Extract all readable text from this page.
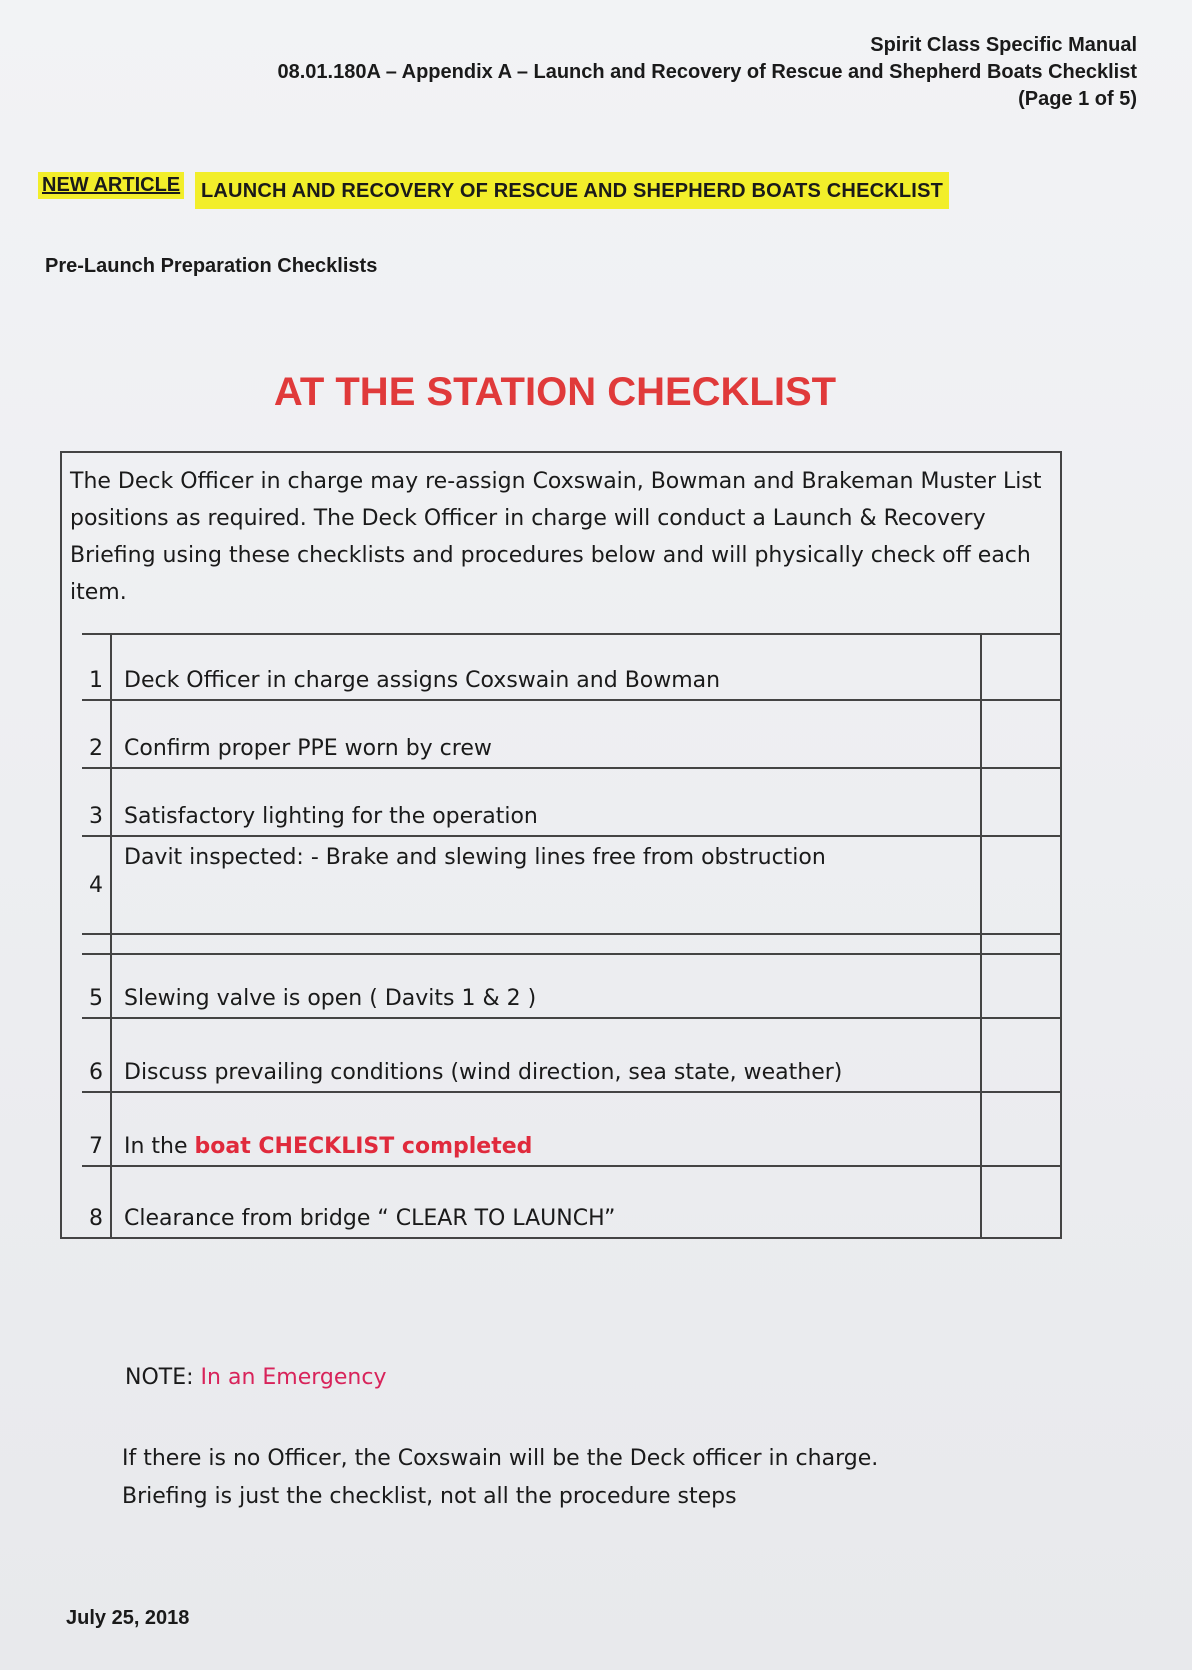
Spirit Class Specific Manual
08.01.180A – Appendix A – Launch and Recovery of Rescue and Shepherd Boats Checklist
(Page 1 of 5)
NEW ARTICLE	LAUNCH AND RECOVERY OF RESCUE AND SHEPHERD BOATS CHECKLIST
Pre-Launch Preparation Checklists
AT THE STATION CHECKLIST
The Deck Officer in charge may re-assign Coxswain, Bowman and Brakeman Muster List positions as required. The Deck Officer in charge will conduct a Launch & Recovery Briefing using these checklists and procedures below and will physically check off each item.
1 Deck Officer in charge assigns Coxswain and Bowman
2 Confirm proper PPE worn by crew
3 Satisfactory lighting for the operation
4
Davit inspected: - Brake and slewing lines free from obstruction
5 Slewing valve is open ( Davits 1 & 2 )
6 Discuss prevailing conditions (wind direction, sea state, weather)
7 In the boat CHECKLIST completed
8 Clearance from bridge “ CLEAR TO LAUNCH”
NOTE: In an Emergency
If there is no Officer, the Coxswain will be the Deck officer in charge.
Briefing is just the checklist, not all the procedure steps
July 25, 2018
